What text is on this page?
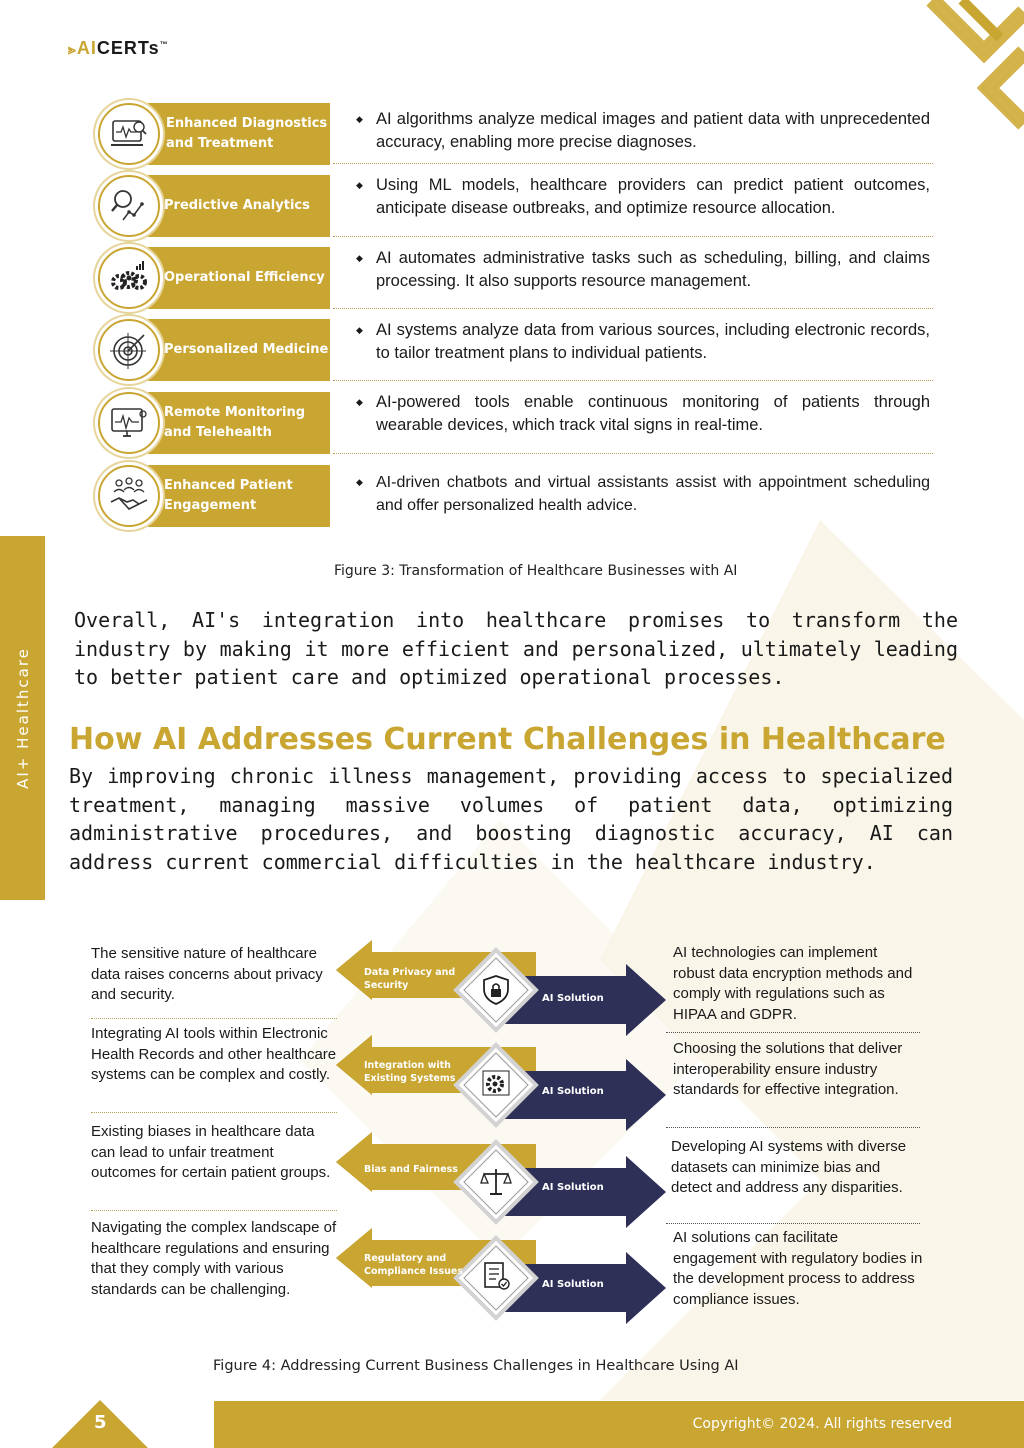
⪢AICERTs™
AI+ Healthcare
Enhanced Diagnostics and Treatment
◆ AI algorithms analyze medical images and patient data with unprecedented accuracy, enabling more precise diagnoses.
Predictive Analytics
◆ Using ML models, healthcare providers can predict patient outcomes, anticipate disease outbreaks, and optimize resource allocation.
Operational Efficiency
◆ AI automates administrative tasks such as scheduling, billing, and claims processing. It also supports resource management.
Personalized Medicine
◆ AI systems analyze data from various sources, including electronic records, to tailor treatment plans to individual patients.
Remote Monitoring and Telehealth
◆ AI-powered tools enable continuous monitoring of patients through wearable devices, which track vital signs in real-time.
Enhanced Patient Engagement
◆ AI-driven chatbots and virtual assistants assist with appointment scheduling and offer personalized health advice.
Figure 3: Transformation of Healthcare Businesses with AI
Overall, AI's integration into healthcare promises to transform the industry by making it more efficient and personalized, ultimately leading to better patient care and optimized operational processes.
How AI Addresses Current Challenges in Healthcare
By improving chronic illness management, providing access to specialized treatment, managing massive volumes of patient data, optimizing administrative procedures, and boosting diagnostic accuracy, AI can address current commercial difficulties in the healthcare industry.
The sensitive nature of healthcare data raises concerns about privacy and security.
Integrating AI tools within Electronic Health Records and other healthcare systems can be complex and costly.
Existing biases in healthcare data can lead to unfair treatment outcomes for certain patient groups.
Navigating the complex landscape of healthcare regulations and ensuring that they comply with various standards can be challenging.
AI technologies can implement robust data encryption methods and comply with regulations such as HIPAA and GDPR.
Choosing the solutions that deliver interoperability ensure industry standards for effective integration.
Developing AI systems with diverse datasets can minimize bias and detect and address any disparities.
AI solutions can facilitate engagement with regulatory bodies in the development process to address compliance issues.
Data Privacy and Security
AI Solution
Integration with Existing Systems
AI Solution
Bias and Fairness
AI Solution
Regulatory and Compliance Issues
AI Solution
Figure 4: Addressing Current Business Challenges in Healthcare Using AI
5	Copyright© 2024. All rights reserved
